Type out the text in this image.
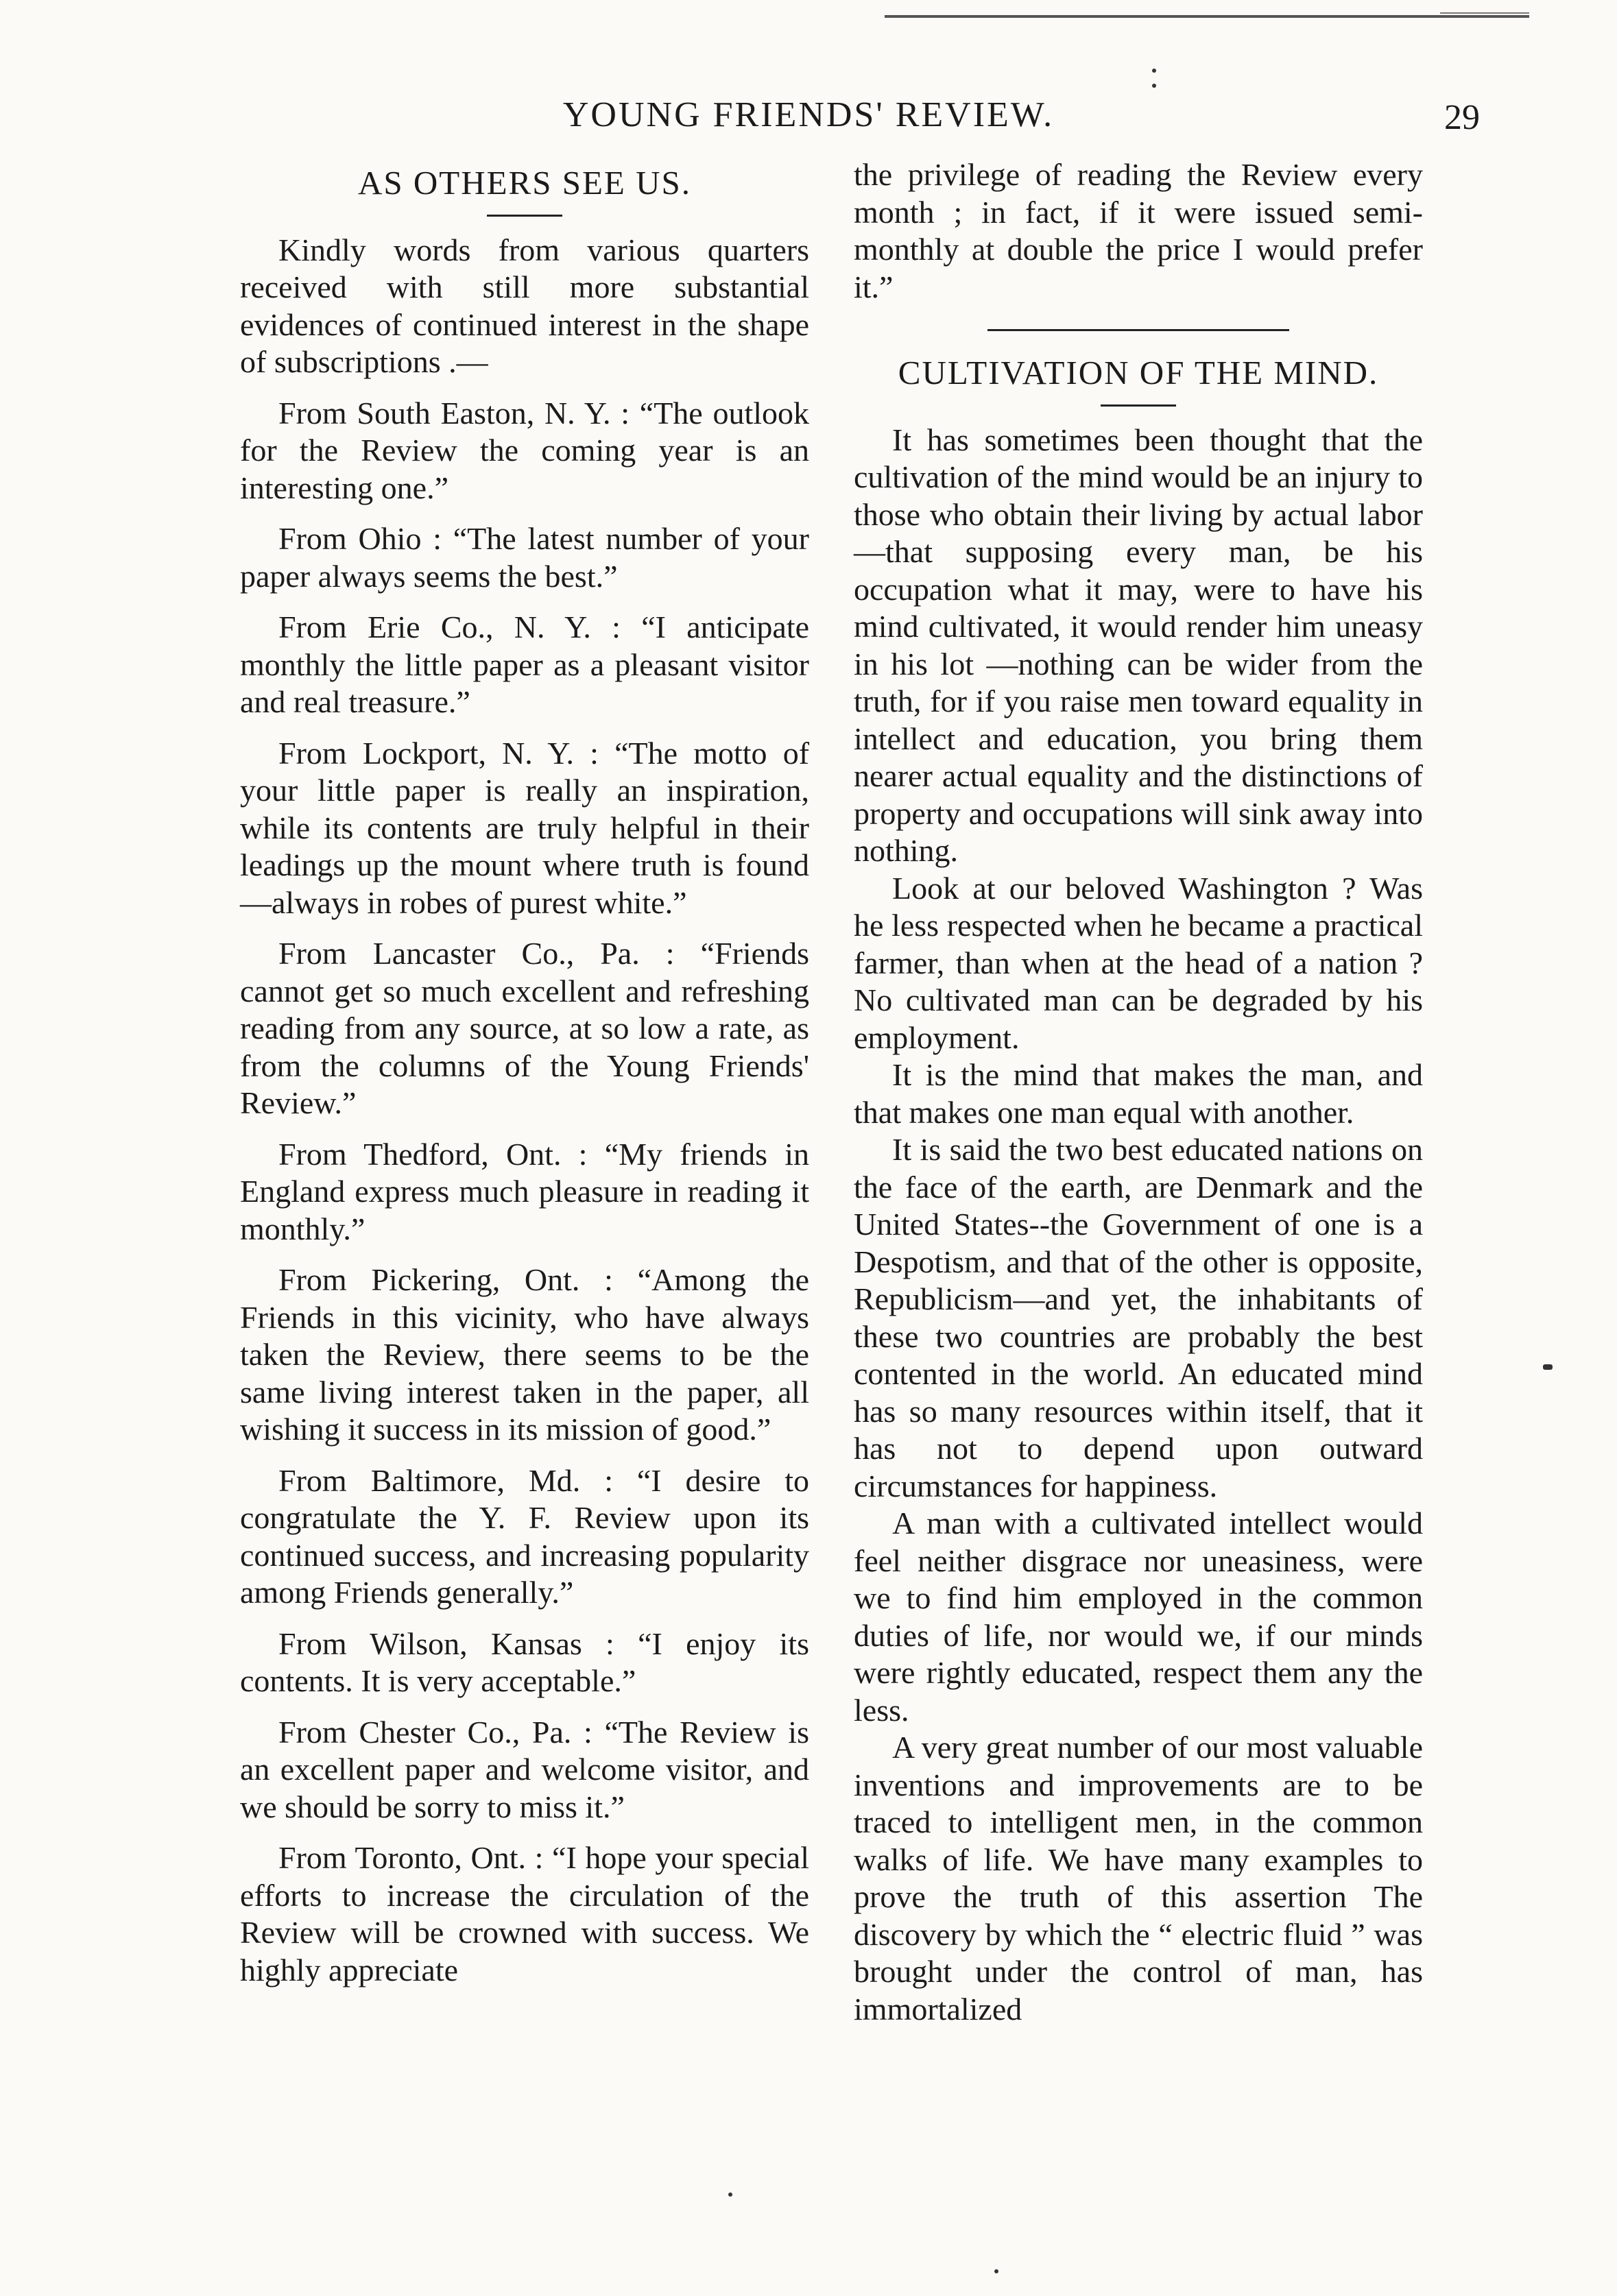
YOUNG FRIENDS' REVIEW.	29
AS OTHERS SEE US.

Kindly words from various quarters received with still more substantial evidences of continued interest in the shape of subscriptions .—

From South Easton, N. Y. : “The outlook for the Review the coming year is an interesting one.”

From Ohio : “The latest number of your paper always seems the best.”

From Erie Co., N. Y. : “I anticipate monthly the little paper as a pleasant visitor and real treasure.”

From Lockport, N. Y. : “The motto of your little paper is really an inspiration, while its contents are truly helpful in their leadings up the mount where truth is found—always in robes of purest white.”

From Lancaster Co., Pa. : “Friends cannot get so much excellent and refreshing reading from any source, at so low a rate, as from the columns of the Young Friends' Review.”

From Thedford, Ont. : “My friends in England express much pleasure in reading it monthly.”

From Pickering, Ont. : “Among the Friends in this vicinity, who have always taken the Review, there seems to be the same living interest taken in the paper, all wishing it success in its mission of good.”

From Baltimore, Md. : “I desire to congratulate the Y. F. Review upon its continued success, and increasing popularity among Friends generally.”

From Wilson, Kansas : “I enjoy its contents. It is very acceptable.”

From Chester Co., Pa. : “The Review is an excellent paper and welcome visitor, and we should be sorry to miss it.”

From Toronto, Ont. : “I hope your special efforts to increase the circulation of the Review will be crowned with success. We highly appreciate

the privilege of reading the Review every month ; in fact, if it were issued semi-monthly at double the price I would prefer it.”

CULTIVATION OF THE MIND.

It has sometimes been thought that the cultivation of the mind would be an injury to those who obtain their living by actual labor—that supposing every man, be his occupation what it may, were to have his mind cultivated, it would render him uneasy in his lot —nothing can be wider from the truth, for if you raise men toward equality in intellect and education, you bring them nearer actual equality and the distinctions of property and occupations will sink away into nothing.

Look at our beloved Washington ? Was he less respected when he became a practical farmer, than when at the head of a nation ? No cultivated man can be degraded by his employment.

It is the mind that makes the man, and that makes one man equal with another.

It is said the two best educated nations on the face of the earth, are Denmark and the United States--the Government of one is a Despotism, and that of the other is opposite, Republicism—and yet, the inhabitants of these two countries are probably the best contented in the world. An educated mind has so many resources within itself, that it has not to depend upon outward circumstances for happiness.

A man with a cultivated intellect would feel neither disgrace nor uneasiness, were we to find him employed in the common duties of life, nor would we, if our minds were rightly educated, respect them any the less.

A very great number of our most valuable inventions and improvements are to be traced to intelligent men, in the common walks of life. We have many examples to prove the truth of this assertion The discovery by which the “ electric fluid ” was brought under the control of man, has immortalized
